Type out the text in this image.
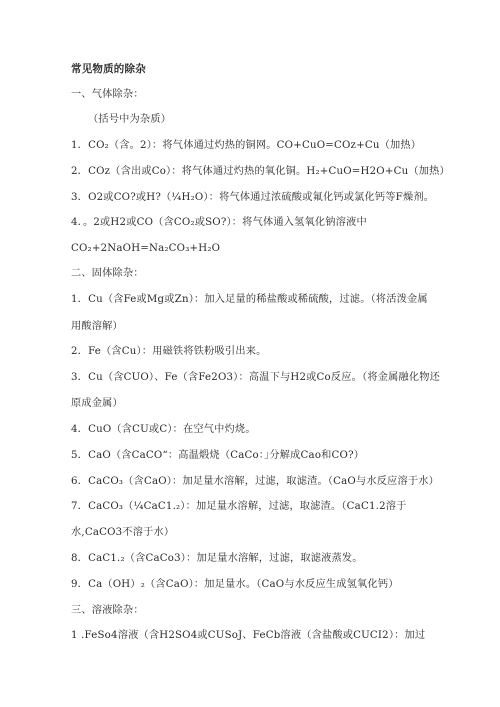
常见物质的除杂
一、气体除杂：
（括号中为杂质）
1．CO₂（含。2）：将气体通过灼热的铜网。CO+CuO=COz+Cu（加热）
2．COz（含出或Co）：将气体通过灼热的氧化铜。H₂+CuO=H2O+Cu（加热）
3．O2或CO?或H?（¼H₂O）：将气体通过浓硫酸或氟化钙或氯化钙等F燥剂。
4．。2或H2或CO（含CO₂或SO?）：将气体通入氢氧化钠溶液中
CO₂+2NaOH=Na₂CO₃+H₂O
二、固体除杂：
1．Cu（含Fe或Mg或Zn）：加入足量的稀盐酸或稀硫酸，过滤。（将活泼金属
用酸溶解）
2．Fe（含Cu）：用磁铁将铁粉吸引出来。
3．Cu（含CUO）、Fe（含Fe2O3）：高温下与H2或Co反应。（将金属融化物还
原成金属）
4．CuO（含CU或C）：在空气中灼烧。
5．CaO（含CaCO“：高温煅烧（CaCo：｣分解成Cao和CO?）
6．CaCO₃（含CaO）：加足量水溶解，过滤，取滤渣。（CaO与水反应溶于水）
7．CaCO₃（¼CaC1.₂）：加足量水溶解，过滤，取滤渣。（CaC1.2溶于
水,CaCO3不溶于水）
8．CaC1.₂（含CaCo3）：加足量水溶解，过滤，取滤液蒸发。
9．Ca（OH）₂（含CaO）：加足量水。（CaO与水反应生成氢氧化钙）
三、溶液除杂：
1 .FeSo4溶液（含H2SO4或CUSoJ、FeCb溶液（含盐酸或CUCI2）：加过
